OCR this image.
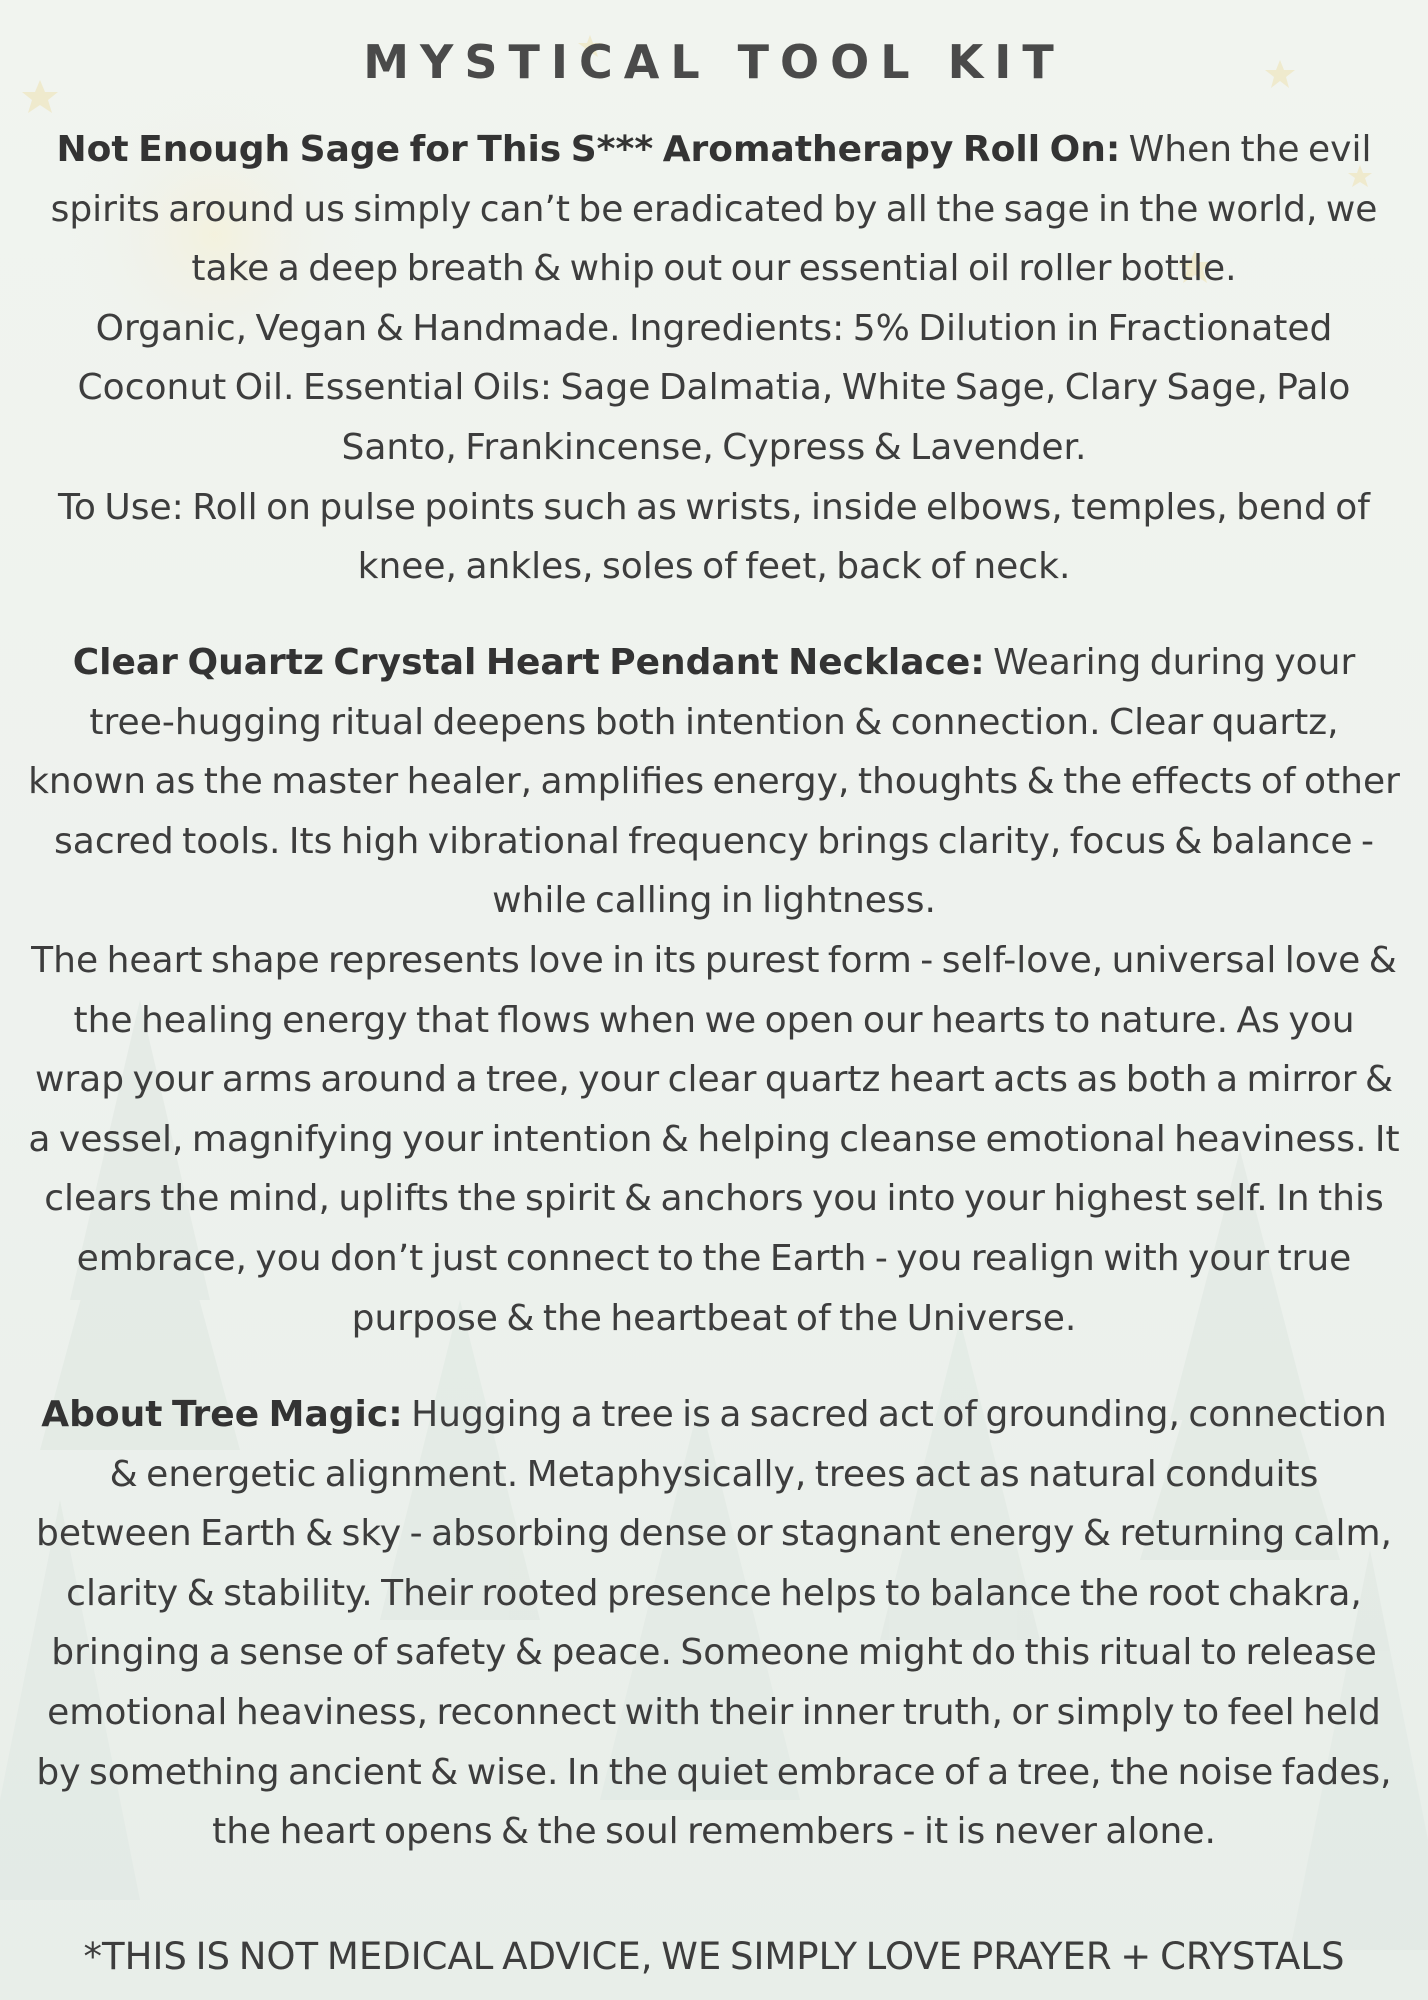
MYSTICAL TOOL KIT

Not Enough Sage for This S*** Aromatherapy Roll On: When the evil spirits around us simply can’t be eradicated by all the sage in the world, we take a deep breath & whip out our essential oil roller bottle.

Organic, Vegan & Handmade. Ingredients: 5% Dilution in Fractionated Coconut Oil. Essential Oils: Sage Dalmatia, White Sage, Clary Sage, Palo Santo, Frankincense, Cypress & Lavender.

To Use: Roll on pulse points such as wrists, inside elbows, temples, bend of knee, ankles, soles of feet, back of neck.

Clear Quartz Crystal Heart Pendant Necklace: Wearing during your tree-hugging ritual deepens both intention & connection. Clear quartz, known as the master healer, amplifies energy, thoughts & the effects of other sacred tools. Its high vibrational frequency brings clarity, focus & balance - while calling in lightness.

The heart shape represents love in its purest form - self-love, universal love & the healing energy that flows when we open our hearts to nature. As you wrap your arms around a tree, your clear quartz heart acts as both a mirror & a vessel, magnifying your intention & helping cleanse emotional heaviness. It clears the mind, uplifts the spirit & anchors you into your highest self. In this embrace, you don’t just connect to the Earth - you realign with your true purpose & the heartbeat of the Universe.

About Tree Magic: Hugging a tree is a sacred act of grounding, connection & energetic alignment. Metaphysically, trees act as natural conduits between Earth & sky - absorbing dense or stagnant energy & returning calm, clarity & stability. Their rooted presence helps to balance the root chakra, bringing a sense of safety & peace. Someone might do this ritual to release emotional heaviness, reconnect with their inner truth, or simply to feel held by something ancient & wise. In the quiet embrace of a tree, the noise fades, the heart opens & the soul remembers - it is never alone.

*THIS IS NOT MEDICAL ADVICE, WE SIMPLY LOVE PRAYER + CRYSTALS
